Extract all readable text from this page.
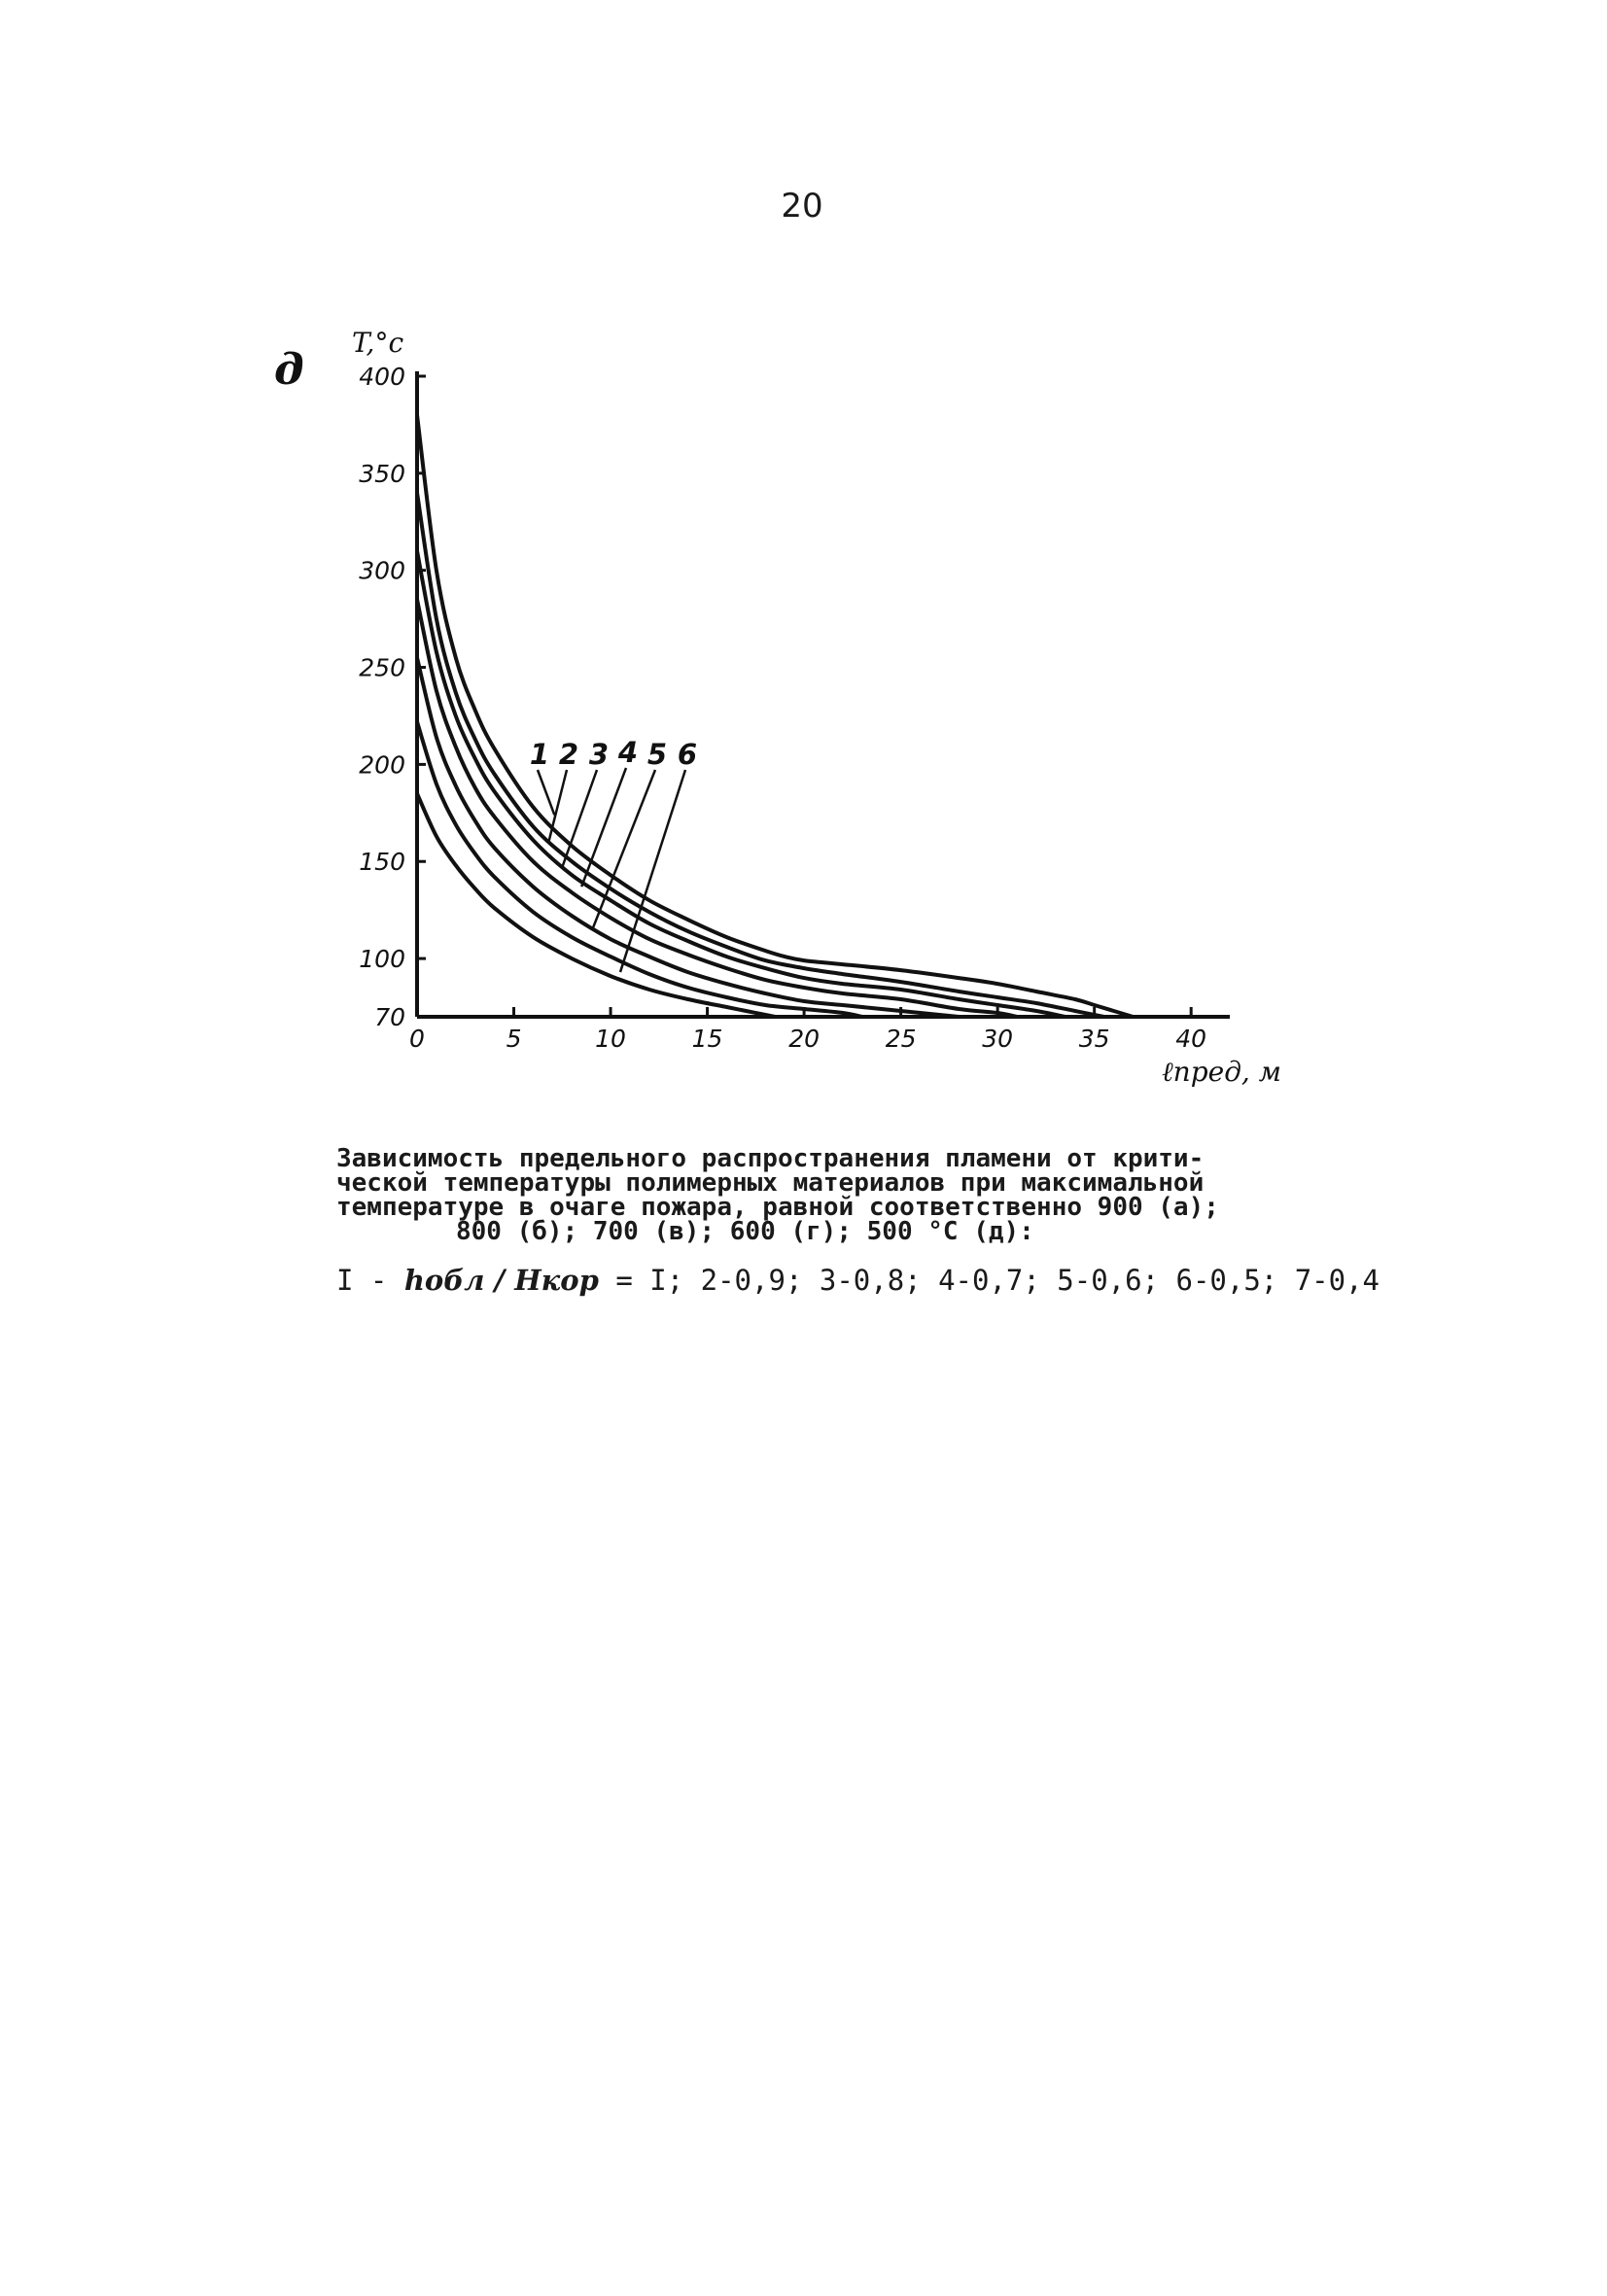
20
д
0	5	10	15	20	25	30	35	40
70
100
150
200
250
300
350
400
T,°c
ℓпред, м
1 2 3 4 5 6
Зависимость предельного распространения пламени от крити-
ческой температуры полимерных материалов при максимальной
температуре в очаге пожара, равной соответственно 900 (а);
800 (б); 700 (в); 600 (г); 500 °С (д):
I - hобл / Hкор = I; 2-0,9; 3-0,8; 4-0,7; 5-0,6; 6-0,5; 7-0,4
